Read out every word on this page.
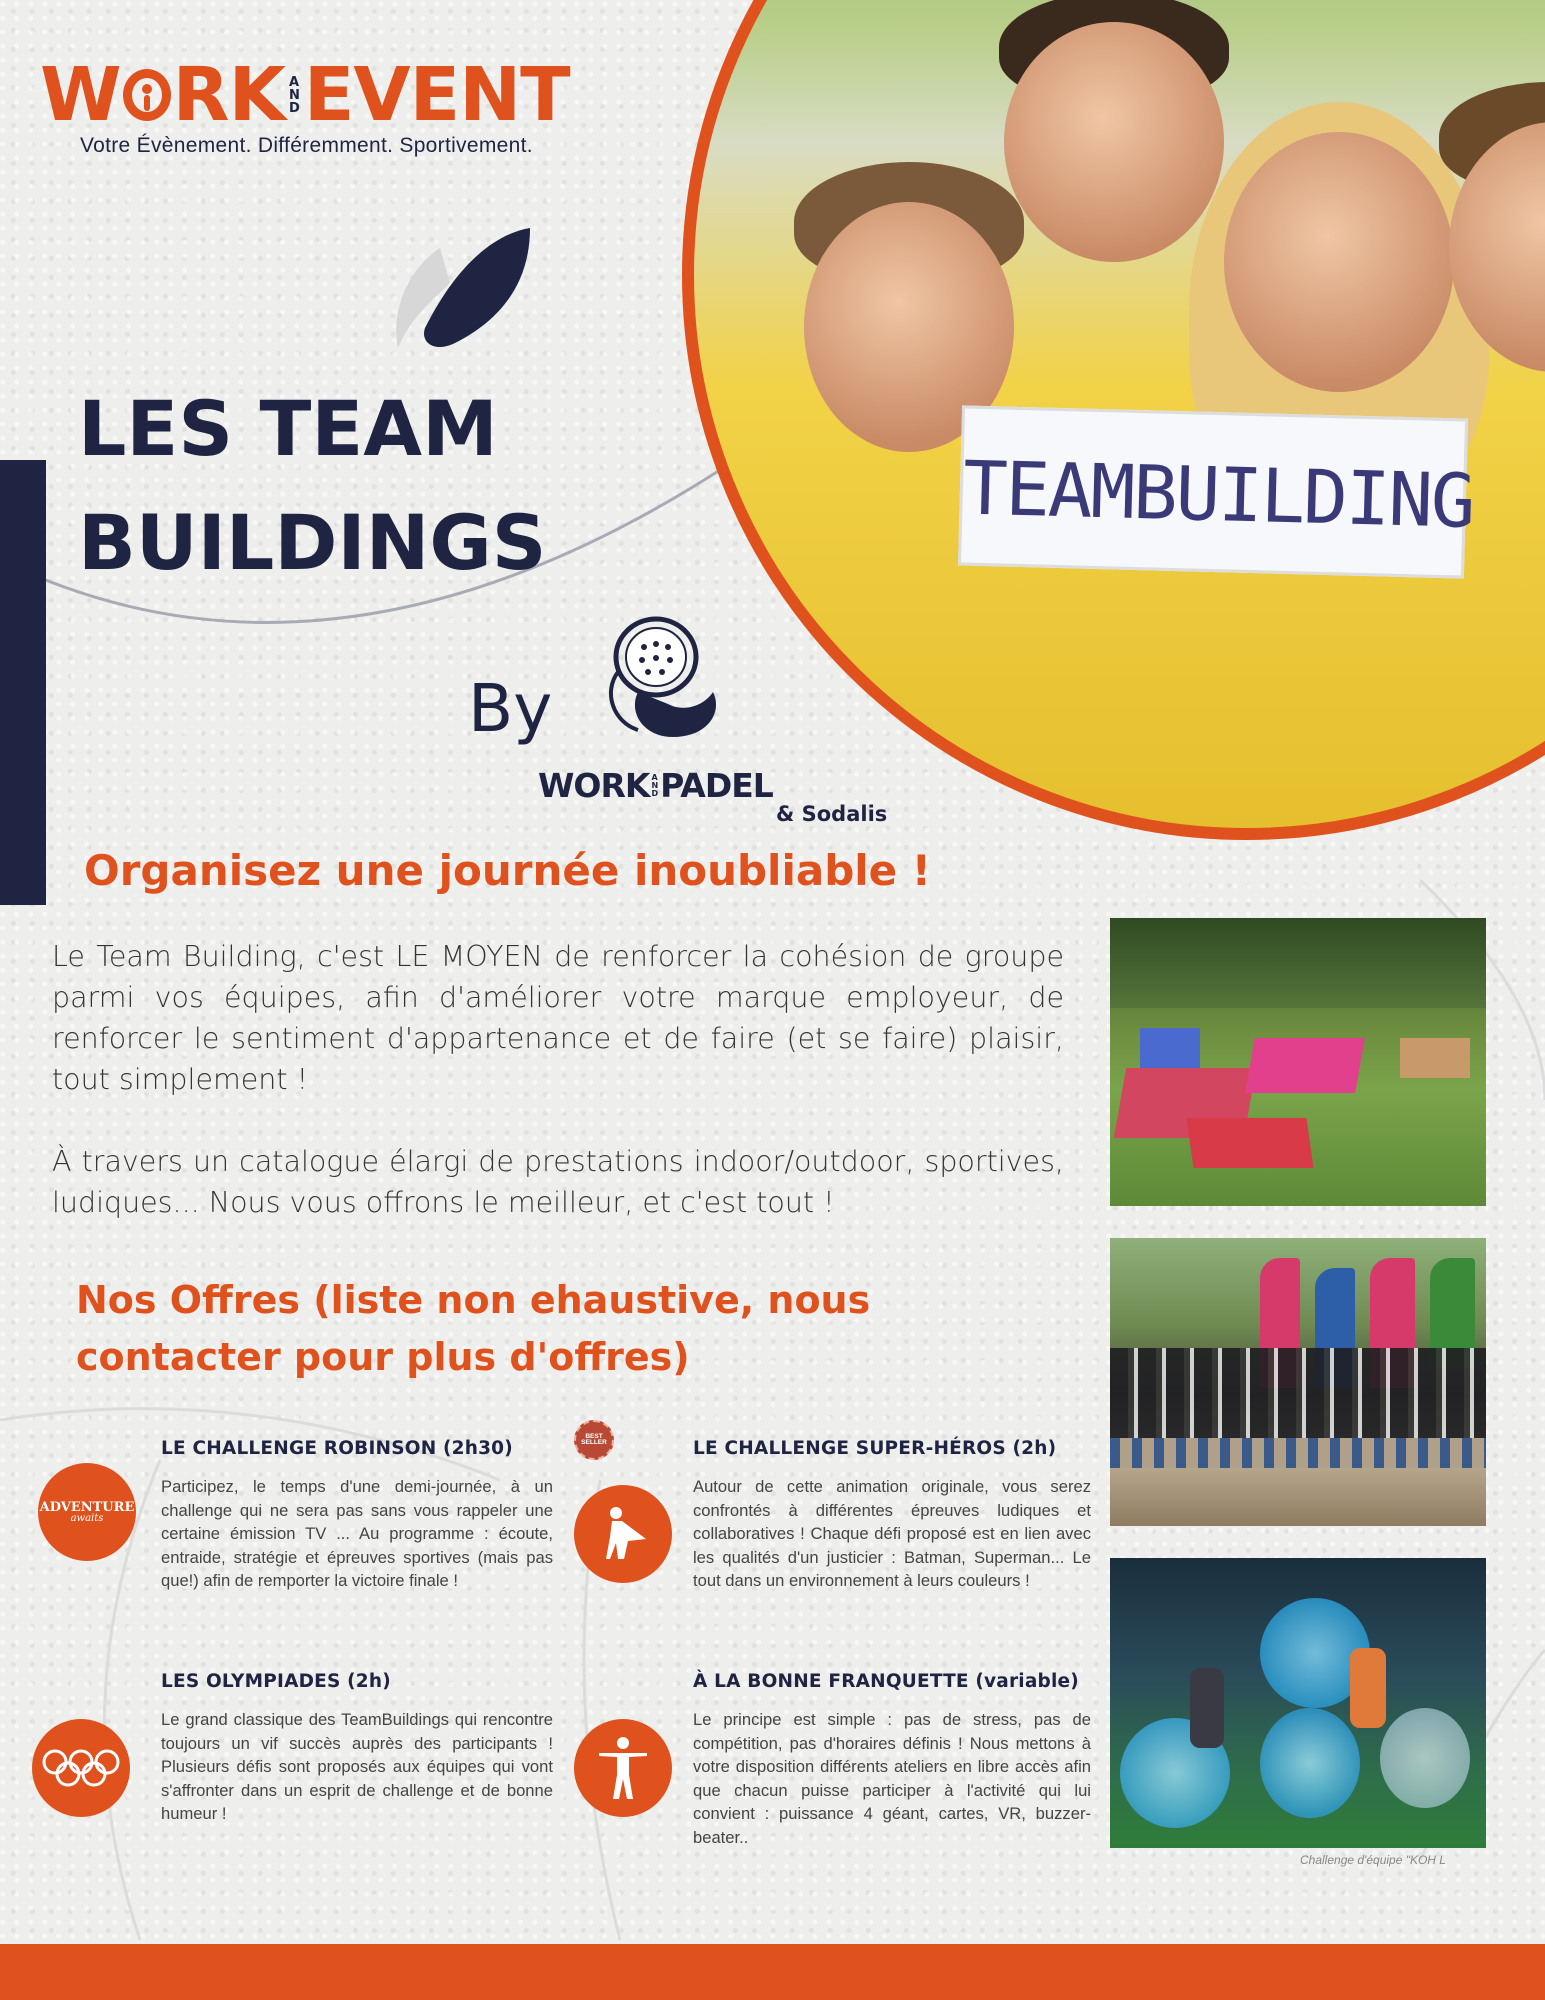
TEAMBUILDING
W RK A
N
D EVENT
Votre Évènement. Différemment. Sportivement.
LES TEAM
BUILDINGS
By
WORK A
N
D PADEL
& Sodalis
Organisez une journée inoubliable !

Le Team Building, c'est LE MOYEN de renforcer la cohésion de groupe parmi vos équipes, afin d'améliorer votre marque employeur, de renforcer le sentiment d'appartenance et de faire (et se faire) plaisir, tout simplement !

À travers un catalogue élargi de prestations indoor/outdoor, sportives, ludiques... Nous vous offrons le meilleur, et c'est tout !

Challenge d'équipe "KOH L
Nos Offres (liste non ehaustive, nous contacter pour plus d'offres)
BEST SELLER
ADVENTURE
awaits
LE CHALLENGE ROBINSON (2h30)
Participez, le temps d'une demi-journée, à un challenge qui ne sera pas sans vous rappeler une certaine émission TV ... Au programme : écoute, entraide, stratégie et épreuves sportives (mais pas que!) afin de remporter la victoire finale !
LE CHALLENGE SUPER-HÉROS (2h)
Autour de cette animation originale, vous serez confrontés à différentes épreuves ludiques et collaboratives ! Chaque défi proposé est en lien avec les qualités d'un justicier : Batman, Superman... Le tout dans un environnement à leurs couleurs !
LES OLYMPIADES (2h)
Le grand classique des TeamBuildings qui rencontre toujours un vif succès auprès des participants ! Plusieurs défis sont proposés aux équipes qui vont s'affronter dans un esprit de challenge et de bonne humeur !
À LA BONNE FRANQUETTE (variable)
Le principe est simple : pas de stress, pas de compétition, pas d'horaires définis ! Nous mettons à votre disposition différents ateliers en libre accès afin que chacun puisse participer à l'activité qui lui convient : puissance 4 géant, cartes, VR, buzzer-beater..
